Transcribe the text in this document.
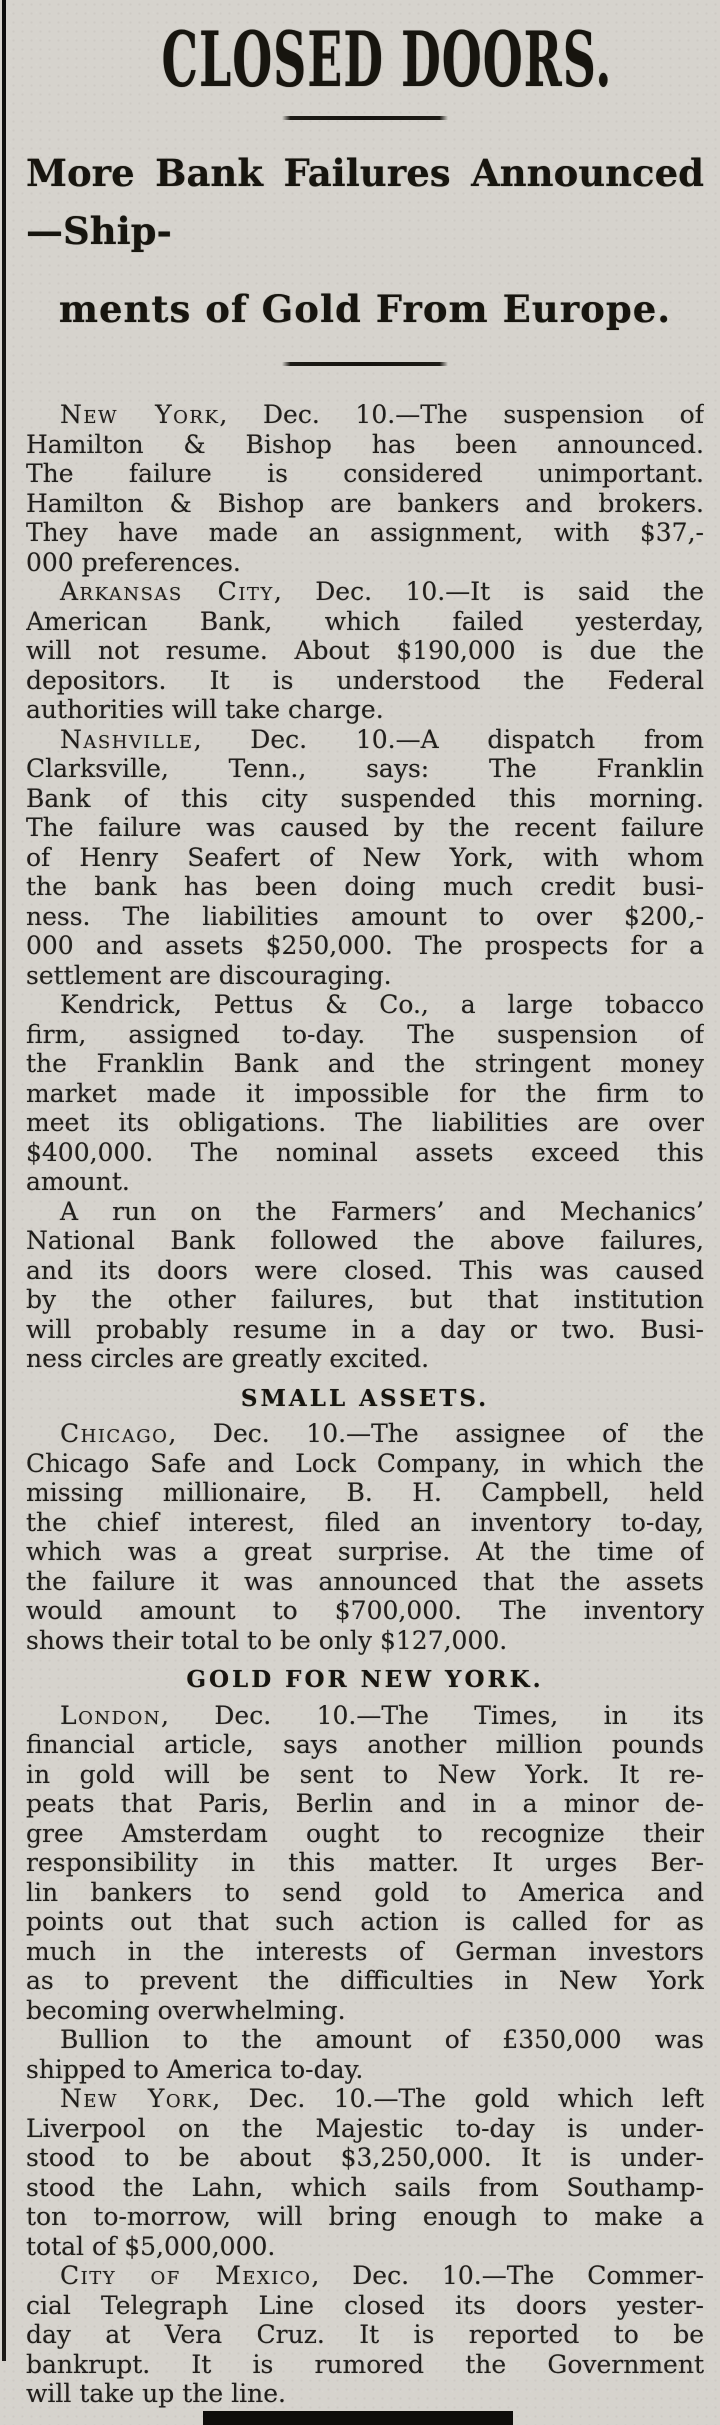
CLOSED DOORS.
More Bank Failures Announced—Ship-
ments of Gold From Europe.
New York, Dec. 10.—The suspension of
Hamilton & Bishop has been announced.
The failure is considered unimportant.
Hamilton & Bishop are bankers and brokers.
They have made an assignment, with $37,-
000 preferences.
Arkansas City, Dec. 10.—It is said the
American Bank, which failed yesterday,
will not resume. About $190,000 is due the
depositors. It is understood the Federal
authorities will take charge.
Nashville, Dec. 10.—A dispatch from
Clarksville, Tenn., says: The Franklin
Bank of this city suspended this morning.
The failure was caused by the recent failure
of Henry Seafert of New York, with whom
the bank has been doing much credit busi-
ness. The liabilities amount to over $200,-
000 and assets $250,000. The prospects for a
settlement are discouraging.
Kendrick, Pettus & Co., a large tobacco
firm, assigned to-day. The suspension of
the Franklin Bank and the stringent money
market made it impossible for the firm to
meet its obligations. The liabilities are over
$400,000. The nominal assets exceed this
amount.
A run on the Farmers’ and Mechanics’
National Bank followed the above failures,
and its doors were closed. This was caused
by the other failures, but that institution
will probably resume in a day or two. Busi-
ness circles are greatly excited.
SMALL ASSETS.
Chicago, Dec. 10.—The assignee of the
Chicago Safe and Lock Company, in which the
missing millionaire, B. H. Campbell, held
the chief interest, filed an inventory to-day,
which was a great surprise. At the time of
the failure it was announced that the assets
would amount to $700,000. The inventory
shows their total to be only $127,000.
GOLD FOR NEW YORK.
London, Dec. 10.—The Times, in its
financial article, says another million pounds
in gold will be sent to New York. It re-
peats that Paris, Berlin and in a minor de-
gree Amsterdam ought to recognize their
responsibility in this matter. It urges Ber-
lin bankers to send gold to America and
points out that such action is called for as
much in the interests of German investors
as to prevent the difficulties in New York
becoming overwhelming.
Bullion to the amount of £350,000 was
shipped to America to-day.
New York, Dec. 10.—The gold which left
Liverpool on the Majestic to-day is under-
stood to be about $3,250,000. It is under-
stood the Lahn, which sails from Southamp-
ton to-morrow, will bring enough to make a
total of $5,000,000.
City of Mexico, Dec. 10.—The Commer-
cial Telegraph Line closed its doors yester-
day at Vera Cruz. It is reported to be
bankrupt. It is rumored the Government
will take up the line.
